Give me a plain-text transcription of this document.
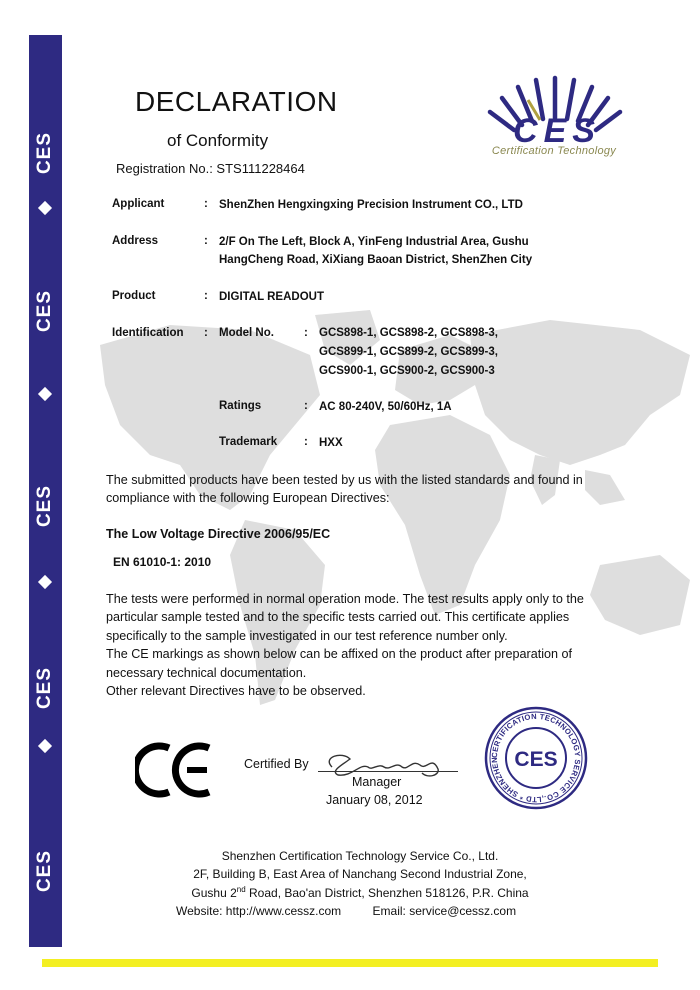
CES
CES
CES
CES
CES
DECLARATION
of Conformity
Registration No.: STS111228464
CES
Certification Technology
Applicant	: ShenZhen Hengxingxing Precision Instrument CO., LTD
Address	: 2/F On The Left, Block A, YinFeng Industrial Area, Gushu
HangCheng Road, XiXiang Baoan District, ShenZhen City
Product	: DIGITAL READOUT
Identification : Model No.	: GCS898-1, GCS898-2, GCS898-3,
GCS899-1, GCS899-2, GCS899-3,
GCS900-1, GCS900-2, GCS900-3
Ratings	: AC 80-240V, 50/60Hz, 1A
Trademark : HXX
The submitted products have been tested by us with the listed standards and found in
compliance with the following European Directives:
The Low Voltage Directive 2006/95/EC
EN 61010-1: 2010
The tests were performed in normal operation mode. The test results apply only to the
particular sample tested and to the specific tests carried out. This certificate applies
specifically to the sample investigated in our test reference number only.
The CE markings as shown below can be affixed on the product after preparation of
necessary technical documentation.
Other relevant Directives have to be observed.
Certified By
Manager
January 08, 2012
CERTIFICATION TECHNOLOGY SERVICE CO.,LTD * SHENZHEN CES
Shenzhen Certification Technology Service Co., Ltd.
2F, Building B, East Area of Nanchang Second Industrial Zone,
Gushu 2nd Road, Bao'an District, Shenzhen 518126, P.R. China
Website: http://www.cessz.com	Email: service@cessz.com
